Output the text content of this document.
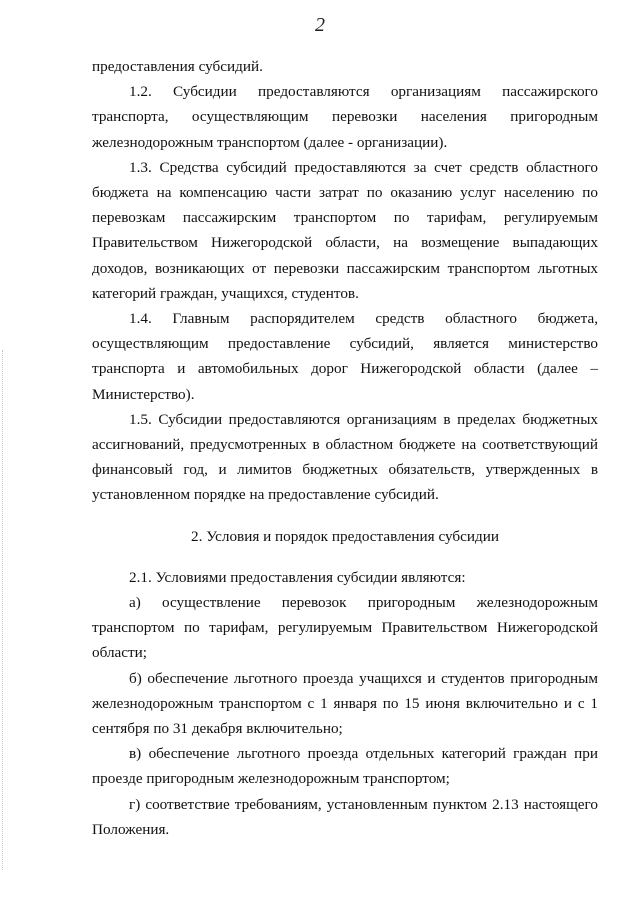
2

предоставления субсидий.

1.2. Субсидии предоставляются организациям пассажирского транспорта, осуществляющим перевозки населения пригородным железнодорожным транспортом (далее - организации).

1.3. Средства субсидий предоставляются за счет средств областного бюджета на компенсацию части затрат по оказанию услуг населению по перевозкам пассажирским транспортом по тарифам, регулируемым Правительством Нижегородской области, на возмещение выпадающих доходов, возникающих от перевозки пассажирским транспортом льготных категорий граждан, учащихся, студентов.

1.4. Главным распорядителем средств областного бюджета, осуществляющим предоставление субсидий, является министерство транспорта и автомобильных дорог Нижегородской области (далее – Министерство).

1.5. Субсидии предоставляются организациям в пределах бюджетных ассигнований, предусмотренных в областном бюджете на соответствующий финансовый год, и лимитов бюджетных обязательств, утвержденных в установленном порядке на предоставление субсидий.

2. Условия и порядок предоставления субсидии

2.1. Условиями предоставления субсидии являются:

а) осуществление перевозок пригородным железнодорожным транспортом по тарифам, регулируемым Правительством Нижегородской области;

б) обеспечение льготного проезда учащихся и студентов пригородным железнодорожным транспортом с 1 января по 15 июня включительно и с 1 сентября по 31 декабря включительно;

в) обеспечение льготного проезда отдельных категорий граждан при проезде пригородным железнодорожным транспортом;

г) соответствие требованиям, установленным пунктом 2.13 настоящего Положения.
